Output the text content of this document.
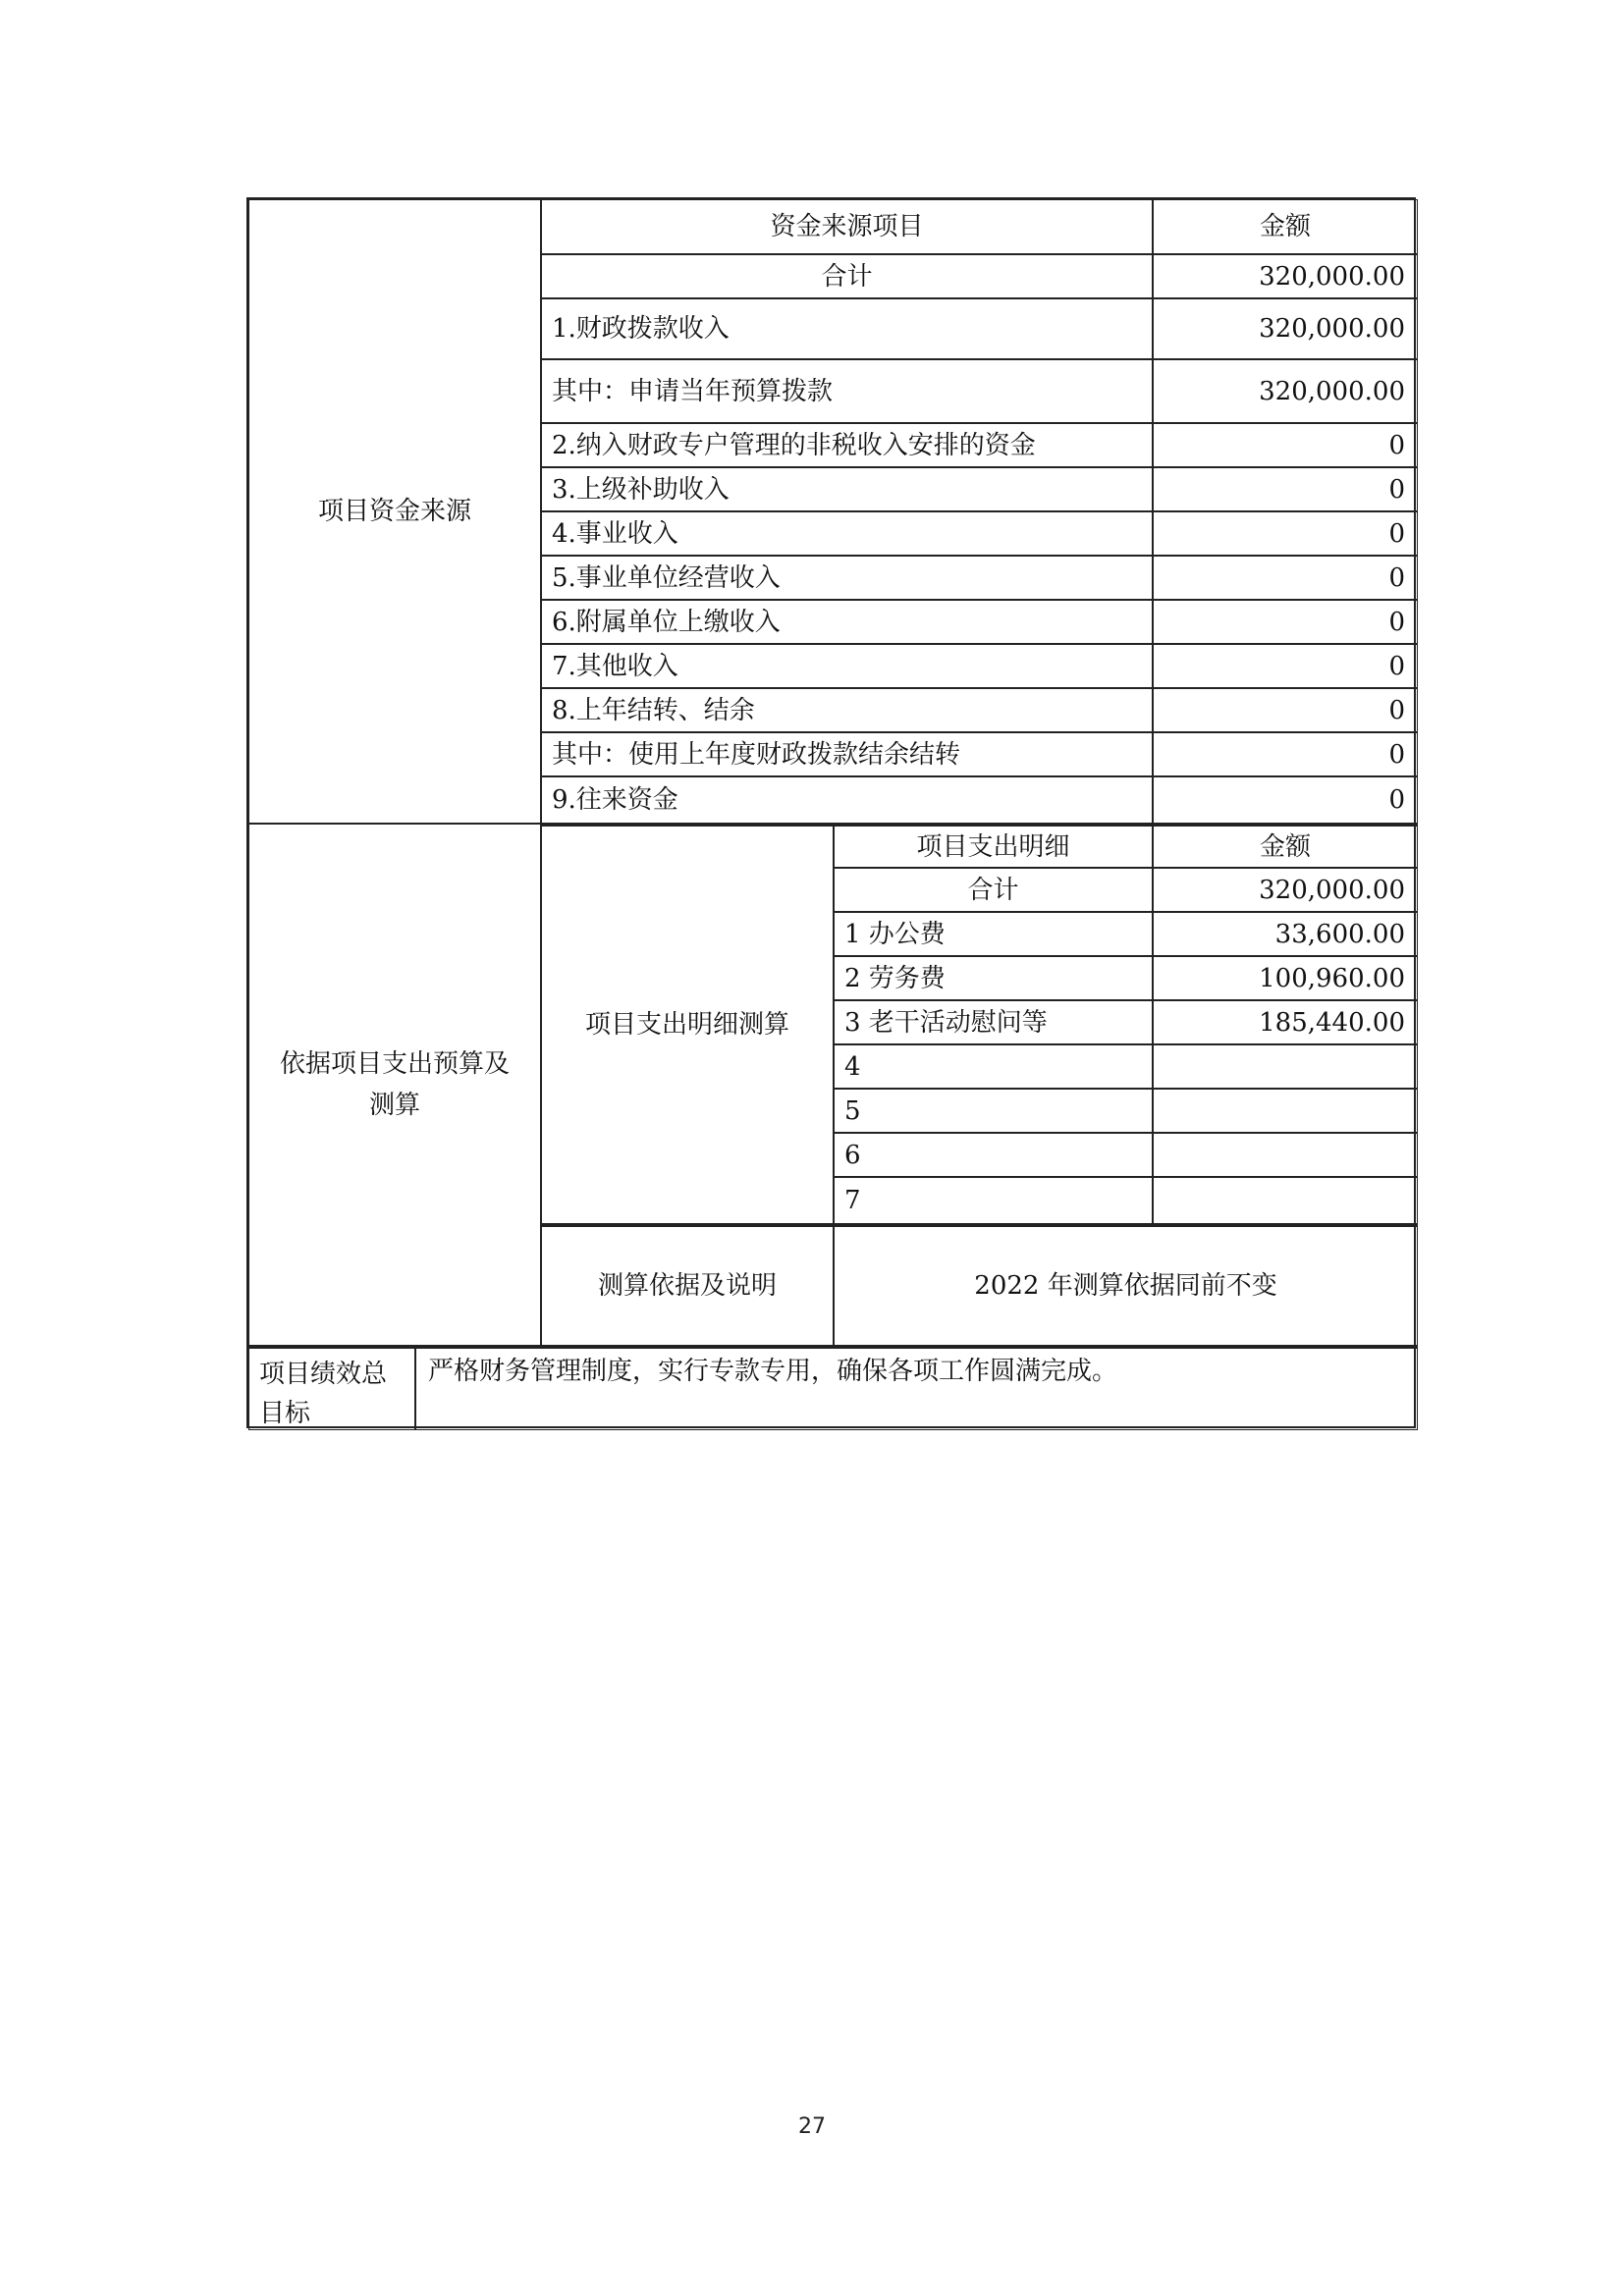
项目资金来源
资金来源项目	金额
合计	320,000.00
1.财政拨款收入	320,000.00
其中：申请当年预算拨款	320,000.00
2.纳入财政专户管理的非税收入安排的资金	0
3.上级补助收入	0
4.事业收入	0
5.事业单位经营收入	0
6.附属单位上缴收入	0
7.其他收入	0
8.上年结转、结余	0
其中：使用上年度财政拨款结余结转	0
9.往来资金	0
依据项目支出预算及测算
项目支出明细测算
项目支出明细	金额
合计	320,000.00
1 办公费	33,600.00
2 劳务费	100,960.00
3 老干活动慰问等	185,440.00
4
5
6
7
测算依据及说明	2022 年测算依据同前不变
项目绩效总目标
严格财务管理制度，实行专款专用，确保各项工作圆满完成。
27
